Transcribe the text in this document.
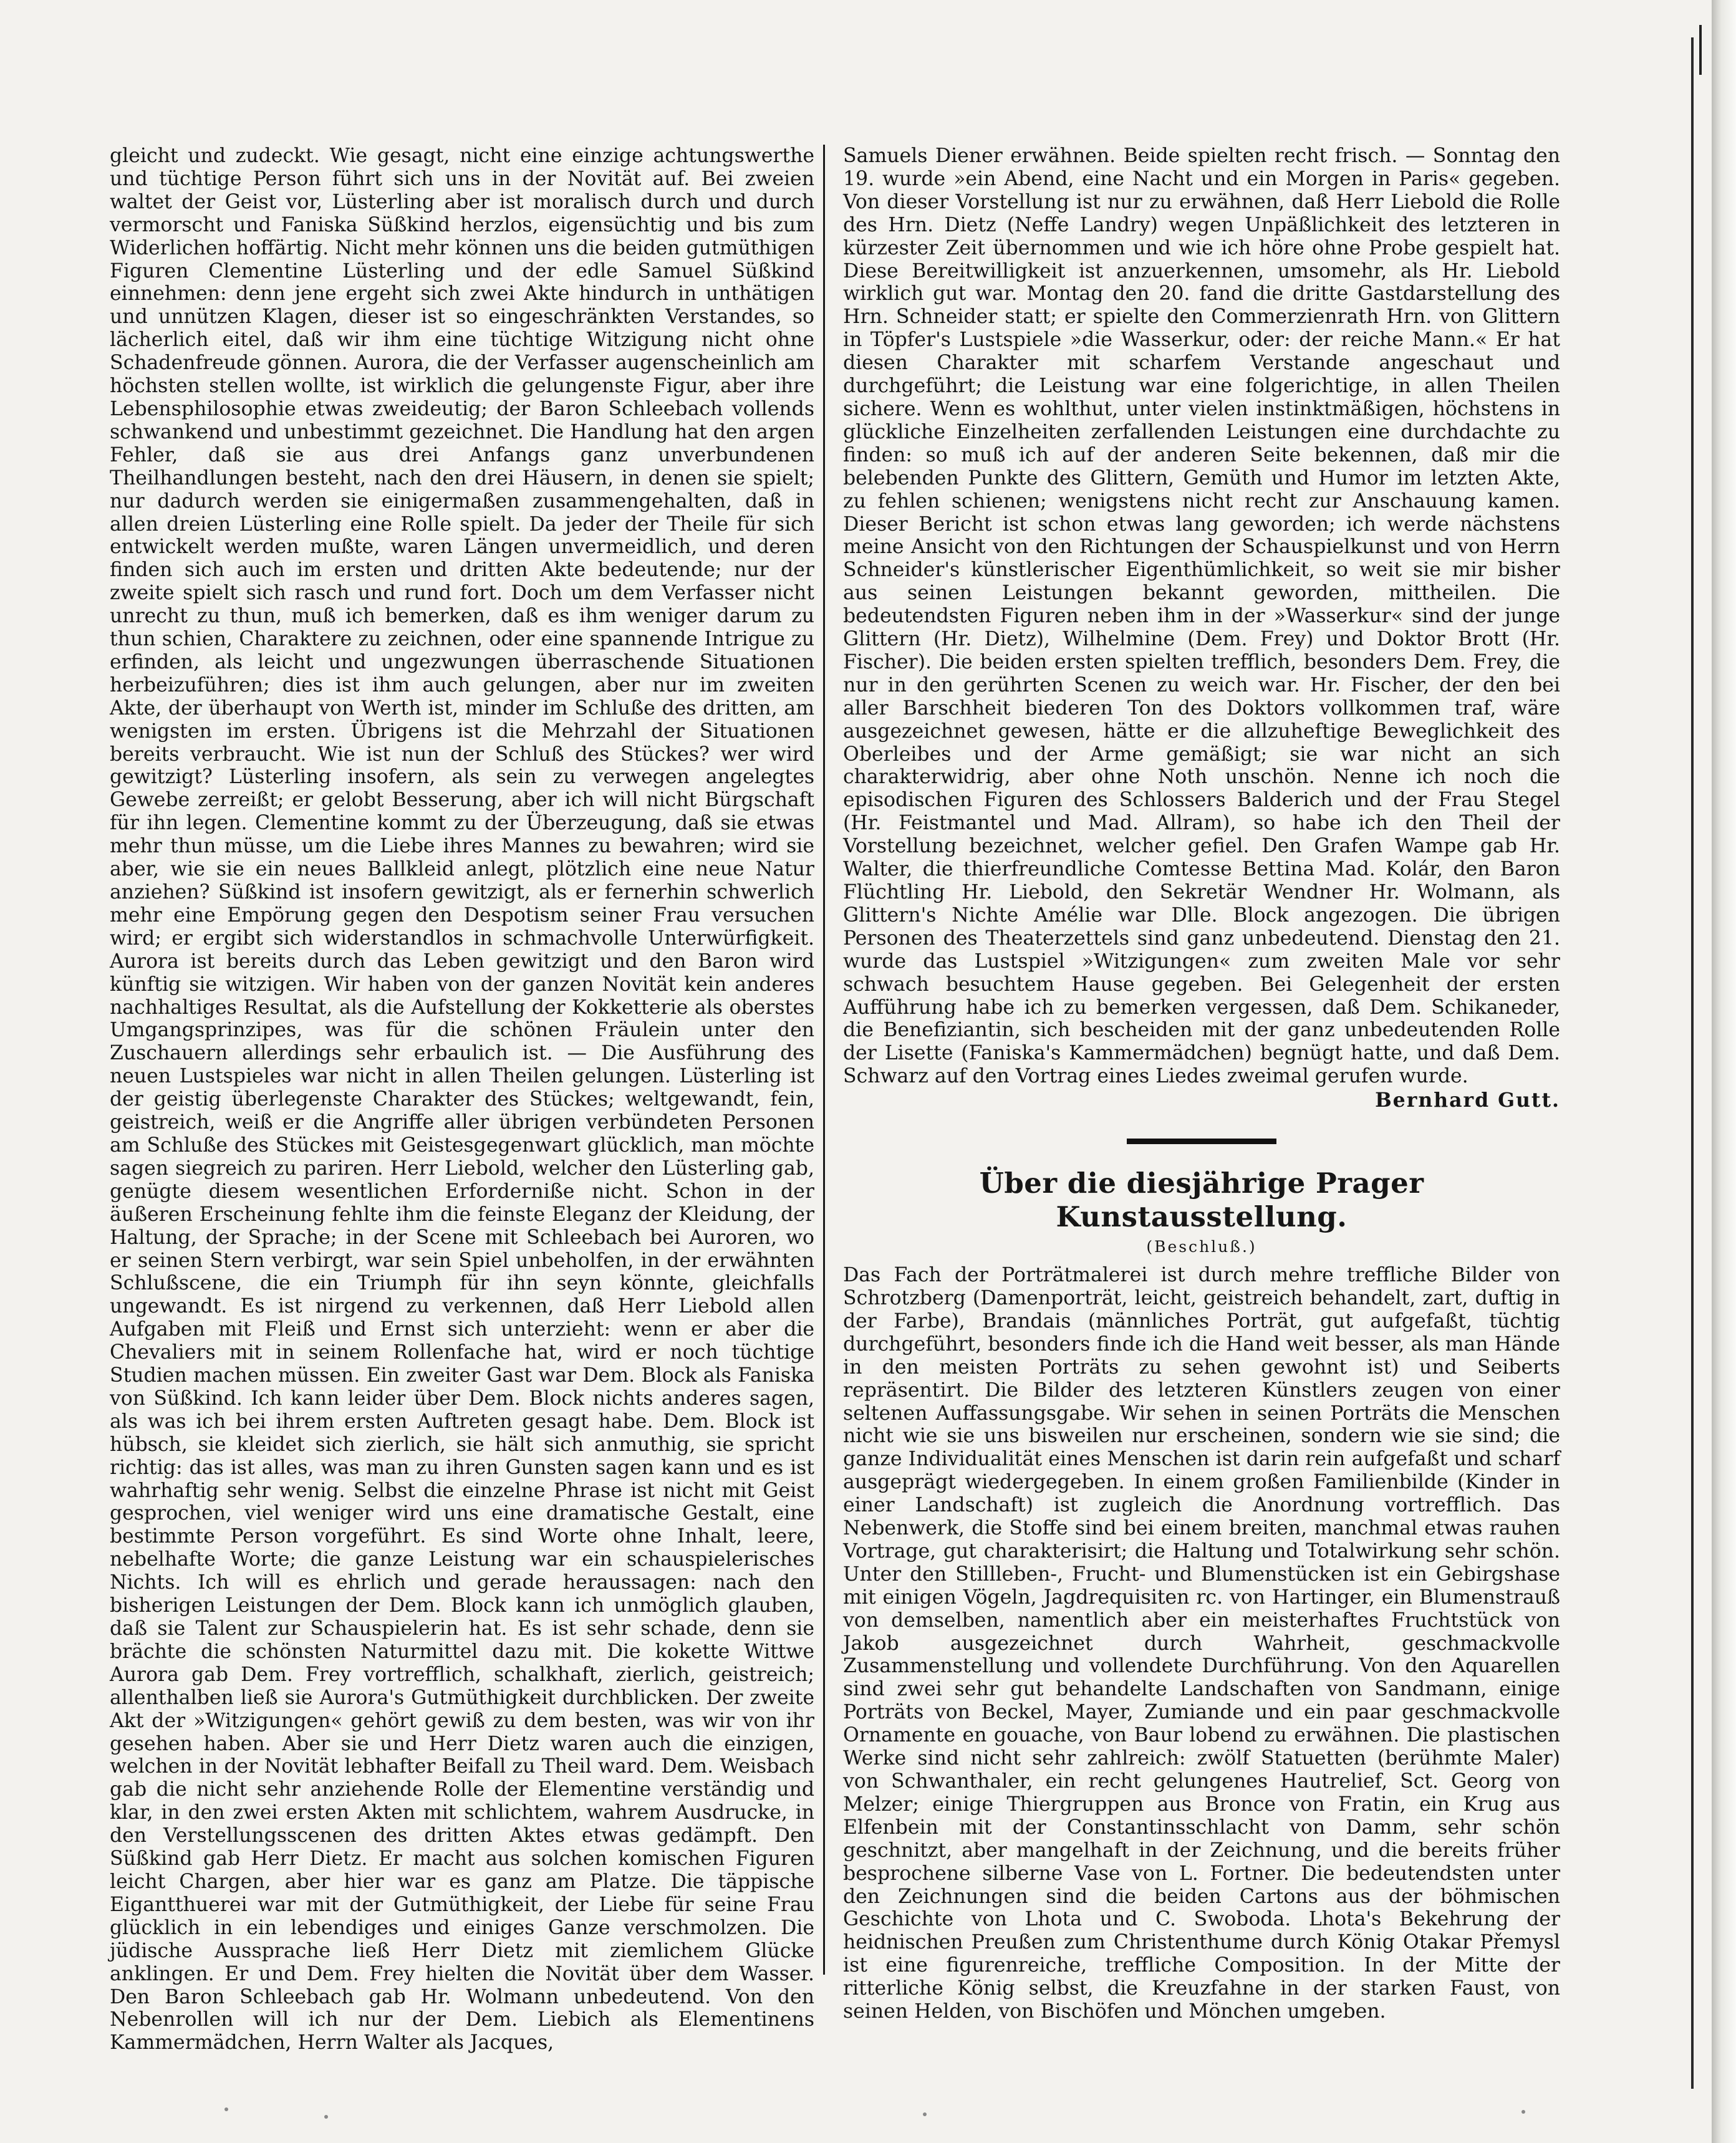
gleicht und zudeckt. Wie gesagt, nicht eine einzige achtungswerthe und tüchtige Person führt sich uns in der Novität auf. Bei zweien waltet der Geist vor, Lüsterling aber ist moralisch durch und durch vermorscht und Faniska Süßkind herzlos, eigensüchtig und bis zum Widerlichen hoffärtig. Nicht mehr können uns die beiden gutmüthigen Figuren Clementine Lüsterling und der edle Samuel Süßkind einnehmen: denn jene ergeht sich zwei Akte hindurch in unthätigen und unnützen Klagen, dieser ist so eingeschränkten Verstandes, so lächerlich eitel, daß wir ihm eine tüchtige Witzigung nicht ohne Schadenfreude gönnen. Aurora, die der Verfasser augenscheinlich am höchsten stellen wollte, ist wirklich die gelungenste Figur, aber ihre Lebensphilosophie etwas zweideutig; der Baron Schleebach vollends schwankend und unbestimmt gezeichnet. Die Handlung hat den argen Fehler, daß sie aus drei Anfangs ganz unverbundenen Theilhandlungen besteht, nach den drei Häusern, in denen sie spielt; nur dadurch werden sie einigermaßen zusammengehalten, daß in allen dreien Lüsterling eine Rolle spielt. Da jeder der Theile für sich entwickelt werden mußte, waren Längen unvermeidlich, und deren finden sich auch im ersten und dritten Akte bedeutende; nur der zweite spielt sich rasch und rund fort. Doch um dem Verfasser nicht unrecht zu thun, muß ich bemerken, daß es ihm weniger darum zu thun schien, Charaktere zu zeichnen, oder eine spannende Intrigue zu erfinden, als leicht und ungezwungen überraschende Situationen herbeizuführen; dies ist ihm auch gelungen, aber nur im zweiten Akte, der überhaupt von Werth ist, minder im Schluße des dritten, am wenigsten im ersten. Übrigens ist die Mehrzahl der Situationen bereits verbraucht. Wie ist nun der Schluß des Stückes? wer wird gewitzigt? Lüsterling insofern, als sein zu verwegen angelegtes Gewebe zerreißt; er gelobt Besserung, aber ich will nicht Bürgschaft für ihn legen. Clementine kommt zu der Überzeugung, daß sie etwas mehr thun müsse, um die Liebe ihres Mannes zu bewahren; wird sie aber, wie sie ein neues Ballkleid anlegt, plötzlich eine neue Natur anziehen? Süßkind ist insofern gewitzigt, als er fernerhin schwerlich mehr eine Empörung gegen den Despotism seiner Frau versuchen wird; er ergibt sich widerstandlos in schmachvolle Unterwürfigkeit. Aurora ist bereits durch das Leben gewitzigt und den Baron wird künftig sie witzigen. Wir haben von der ganzen Novität kein anderes nachhaltiges Resultat, als die Aufstellung der Kokketterie als oberstes Umgangsprinzipes, was für die schönen Fräulein unter den Zuschauern allerdings sehr erbaulich ist. — Die Ausführung des neuen Lustspieles war nicht in allen Theilen gelungen. Lüsterling ist der geistig überlegenste Charakter des Stückes; weltgewandt, fein, geistreich, weiß er die Angriffe aller übrigen verbündeten Personen am Schluße des Stückes mit Geistesgegenwart glücklich, man möchte sagen siegreich zu pariren. Herr Liebold, welcher den Lüsterling gab, genügte diesem wesentlichen Erforderniße nicht. Schon in der äußeren Erscheinung fehlte ihm die feinste Eleganz der Kleidung, der Haltung, der Sprache; in der Scene mit Schleebach bei Auroren, wo er seinen Stern verbirgt, war sein Spiel unbeholfen, in der erwähnten Schlußscene, die ein Triumph für ihn seyn könnte, gleichfalls ungewandt. Es ist nirgend zu verkennen, daß Herr Liebold allen Aufgaben mit Fleiß und Ernst sich unterzieht: wenn er aber die Chevaliers mit in seinem Rollenfache hat, wird er noch tüchtige Studien machen müssen. Ein zweiter Gast war Dem. Block als Faniska von Süßkind. Ich kann leider über Dem. Block nichts anderes sagen, als was ich bei ihrem ersten Auftreten gesagt habe. Dem. Block ist hübsch, sie kleidet sich zierlich, sie hält sich anmuthig, sie spricht richtig: das ist alles, was man zu ihren Gunsten sagen kann und es ist wahrhaftig sehr wenig. Selbst die einzelne Phrase ist nicht mit Geist gesprochen, viel weniger wird uns eine dramatische Gestalt, eine bestimmte Person vorgeführt. Es sind Worte ohne Inhalt, leere, nebelhafte Worte; die ganze Leistung war ein schauspielerisches Nichts. Ich will es ehrlich und gerade heraussagen: nach den bisherigen Leistungen der Dem. Block kann ich unmöglich glauben, daß sie Talent zur Schauspielerin hat. Es ist sehr schade, denn sie brächte die schönsten Naturmittel dazu mit. Die kokette Wittwe Aurora gab Dem. Frey vortrefflich, schalkhaft, zierlich, geistreich; allenthalben ließ sie Aurora's Gutmüthigkeit durchblicken. Der zweite Akt der »Witzigungen« gehört gewiß zu dem besten, was wir von ihr gesehen haben. Aber sie und Herr Dietz waren auch die einzigen, welchen in der Novität lebhafter Beifall zu Theil ward. Dem. Weisbach gab die nicht sehr anziehende Rolle der Elementine verständig und klar, in den zwei ersten Akten mit schlichtem, wahrem Ausdrucke, in den Verstellungsscenen des dritten Aktes etwas gedämpft. Den Süßkind gab Herr Dietz. Er macht aus solchen komischen Figuren leicht Chargen, aber hier war es ganz am Platze. Die täppische Eigantthuerei war mit der Gutmüthigkeit, der Liebe für seine Frau glücklich in ein lebendiges und einiges Ganze verschmolzen. Die jüdische Aussprache ließ Herr Dietz mit ziemlichem Glücke anklingen. Er und Dem. Frey hielten die Novität über dem Wasser. Den Baron Schleebach gab Hr. Wolmann unbedeutend. Von den Nebenrollen will ich nur der Dem. Liebich als Elementinens Kammermädchen, Herrn Walter als Jacques,

Samuels Diener erwähnen. Beide spielten recht frisch. — Sonntag den 19. wurde »ein Abend, eine Nacht und ein Morgen in Paris« gegeben. Von dieser Vorstellung ist nur zu erwähnen, daß Herr Liebold die Rolle des Hrn. Dietz (Neffe Landry) wegen Unpäßlichkeit des letzteren in kürzester Zeit übernommen und wie ich höre ohne Probe gespielt hat. Diese Bereitwilligkeit ist anzuerkennen, umsomehr, als Hr. Liebold wirklich gut war. Montag den 20. fand die dritte Gastdarstellung des Hrn. Schneider statt; er spielte den Commerzienrath Hrn. von Glittern in Töpfer's Lustspiele »die Wasserkur, oder: der reiche Mann.« Er hat diesen Charakter mit scharfem Verstande angeschaut und durchgeführt; die Leistung war eine folgerichtige, in allen Theilen sichere. Wenn es wohlthut, unter vielen instinktmäßigen, höchstens in glückliche Einzelheiten zerfallenden Leistungen eine durchdachte zu finden: so muß ich auf der anderen Seite bekennen, daß mir die belebenden Punkte des Glittern, Gemüth und Humor im letzten Akte, zu fehlen schienen; wenigstens nicht recht zur Anschauung kamen. Dieser Bericht ist schon etwas lang geworden; ich werde nächstens meine Ansicht von den Richtungen der Schauspielkunst und von Herrn Schneider's künstlerischer Eigenthümlichkeit, so weit sie mir bisher aus seinen Leistungen bekannt geworden, mittheilen. Die bedeutendsten Figuren neben ihm in der »Wasserkur« sind der junge Glittern (Hr. Dietz), Wilhelmine (Dem. Frey) und Doktor Brott (Hr. Fischer). Die beiden ersten spielten trefflich, besonders Dem. Frey, die nur in den gerührten Scenen zu weich war. Hr. Fischer, der den bei aller Barschheit biederen Ton des Doktors vollkommen traf, wäre ausgezeichnet gewesen, hätte er die allzuheftige Beweglichkeit des Oberleibes und der Arme gemäßigt; sie war nicht an sich charakterwidrig, aber ohne Noth unschön. Nenne ich noch die episodischen Figuren des Schlossers Balderich und der Frau Stegel (Hr. Feistmantel und Mad. Allram), so habe ich den Theil der Vorstellung bezeichnet, welcher gefiel. Den Grafen Wampe gab Hr. Walter, die thierfreundliche Comtesse Bettina Mad. Kolár, den Baron Flüchtling Hr. Liebold, den Sekretär Wendner Hr. Wolmann, als Glittern's Nichte Amélie war Dlle. Block angezogen. Die übrigen Personen des Theaterzettels sind ganz unbedeutend. Dienstag den 21. wurde das Lustspiel »Witzigungen« zum zweiten Male vor sehr schwach besuchtem Hause gegeben. Bei Gelegenheit der ersten Aufführung habe ich zu bemerken vergessen, daß Dem. Schikaneder, die Benefiziantin, sich bescheiden mit der ganz unbedeutenden Rolle der Lisette (Faniska's Kammermädchen) begnügt hatte, und daß Dem. Schwarz auf den Vortrag eines Liedes zweimal gerufen wurde.

Bernhard Gutt.
Über die diesjährige Prager Kunstausstellung.
(Beschluß.)

Das Fach der Porträtmalerei ist durch mehre treffliche Bilder von Schrotzberg (Damenporträt, leicht, geistreich behandelt, zart, duftig in der Farbe), Brandais (männliches Porträt, gut aufgefaßt, tüchtig durchgeführt, besonders finde ich die Hand weit besser, als man Hände in den meisten Porträts zu sehen gewohnt ist) und Seiberts repräsentirt. Die Bilder des letzteren Künstlers zeugen von einer seltenen Auffassungsgabe. Wir sehen in seinen Porträts die Menschen nicht wie sie uns bisweilen nur erscheinen, sondern wie sie sind; die ganze Individualität eines Menschen ist darin rein aufgefaßt und scharf ausgeprägt wiedergegeben. In einem großen Familienbilde (Kinder in einer Landschaft) ist zugleich die Anordnung vortrefflich. Das Nebenwerk, die Stoffe sind bei einem breiten, manchmal etwas rauhen Vortrage, gut charakterisirt; die Haltung und Totalwirkung sehr schön. Unter den Stillleben-, Frucht- und Blumenstücken ist ein Gebirgshase mit einigen Vögeln, Jagdrequisiten rc. von Hartinger, ein Blumenstrauß von demselben, namentlich aber ein meisterhaftes Fruchtstück von Jakob ausgezeichnet durch Wahrheit, geschmackvolle Zusammenstellung und vollendete Durchführung. Von den Aquarellen sind zwei sehr gut behandelte Landschaften von Sandmann, einige Porträts von Beckel, Mayer, Zumiande und ein paar geschmackvolle Ornamente en gouache, von Baur lobend zu erwähnen. Die plastischen Werke sind nicht sehr zahlreich: zwölf Statuetten (berühmte Maler) von Schwanthaler, ein recht gelungenes Hautrelief, Sct. Georg von Melzer; einige Thiergruppen aus Bronce von Fratin, ein Krug aus Elfenbein mit der Constantinsschlacht von Damm, sehr schön geschnitzt, aber mangelhaft in der Zeichnung, und die bereits früher besprochene silberne Vase von L. Fortner. Die bedeutendsten unter den Zeichnungen sind die beiden Cartons aus der böhmischen Geschichte von Lhota und C. Swoboda. Lhota's Bekehrung der heidnischen Preußen zum Christenthume durch König Otakar Přemysl ist eine figurenreiche, treffliche Composition. In der Mitte der ritterliche König selbst, die Kreuzfahne in der starken Faust, von seinen Helden, von Bischöfen und Mönchen umgeben.
